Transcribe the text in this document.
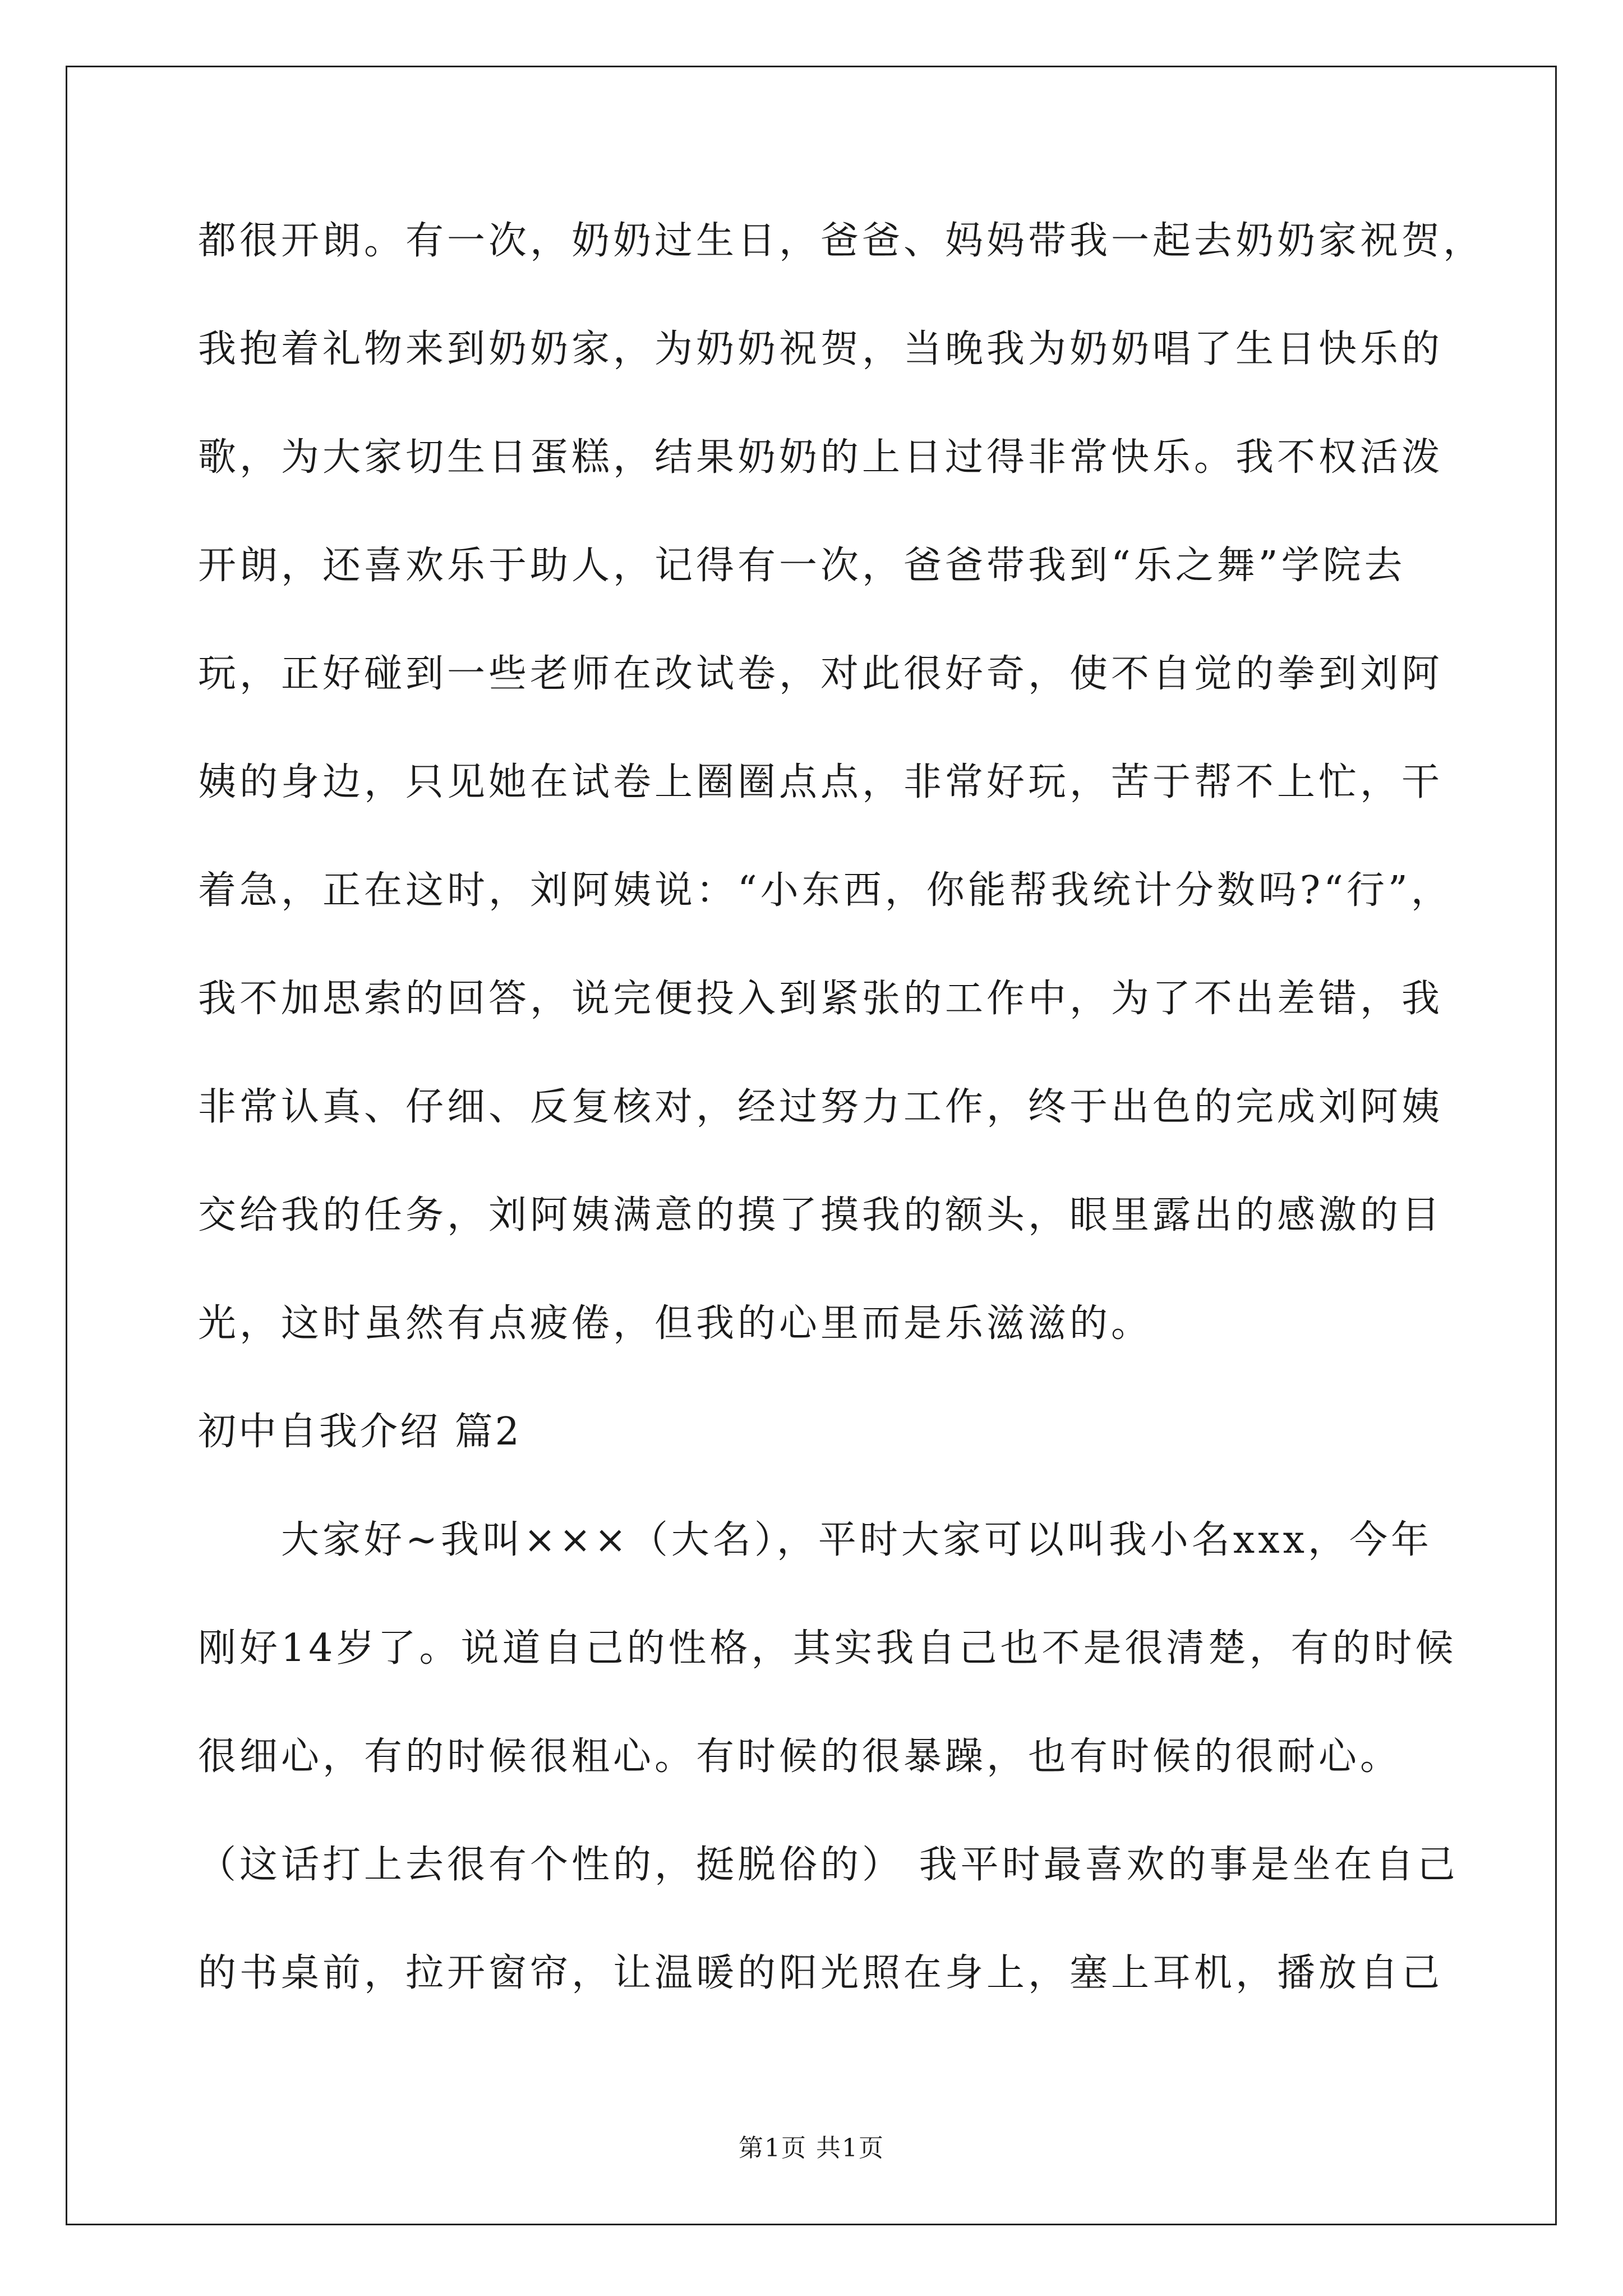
都很开朗。有一次，奶奶过生日，爸爸、妈妈带我一起去奶奶家祝贺，
我抱着礼物来到奶奶家，为奶奶祝贺，当晚我为奶奶唱了生日快乐的
歌，为大家切生日蛋糕，结果奶奶的上日过得非常快乐。我不权活泼
开朗，还喜欢乐于助人，记得有一次，爸爸带我到“乐之舞”学院去
玩，正好碰到一些老师在改试卷，对此很好奇，使不自觉的拳到刘阿
姨的身边，只见她在试卷上圈圈点点，非常好玩，苦于帮不上忙，干
着急，正在这时，刘阿姨说：“小东西，你能帮我统计分数吗?“行”，
我不加思索的回答，说完便投入到紧张的工作中，为了不出差错，我
非常认真、仔细、反复核对，经过努力工作，终于出色的完成刘阿姨
交给我的任务，刘阿姨满意的摸了摸我的额头，眼里露出的感激的目
光，这时虽然有点疲倦，但我的心里而是乐滋滋的。
初中自我介绍 篇2
大家好~我叫×××（大名），平时大家可以叫我小名xxx，今年
刚好14岁了。说道自己的性格，其实我自己也不是很清楚，有的时候
很细心，有的时候很粗心。有时候的很暴躁，也有时候的很耐心。
（这话打上去很有个性的，挺脱俗的） 我平时最喜欢的事是坐在自己
的书桌前，拉开窗帘，让温暖的阳光照在身上，塞上耳机，播放自己
第1页 共1页
